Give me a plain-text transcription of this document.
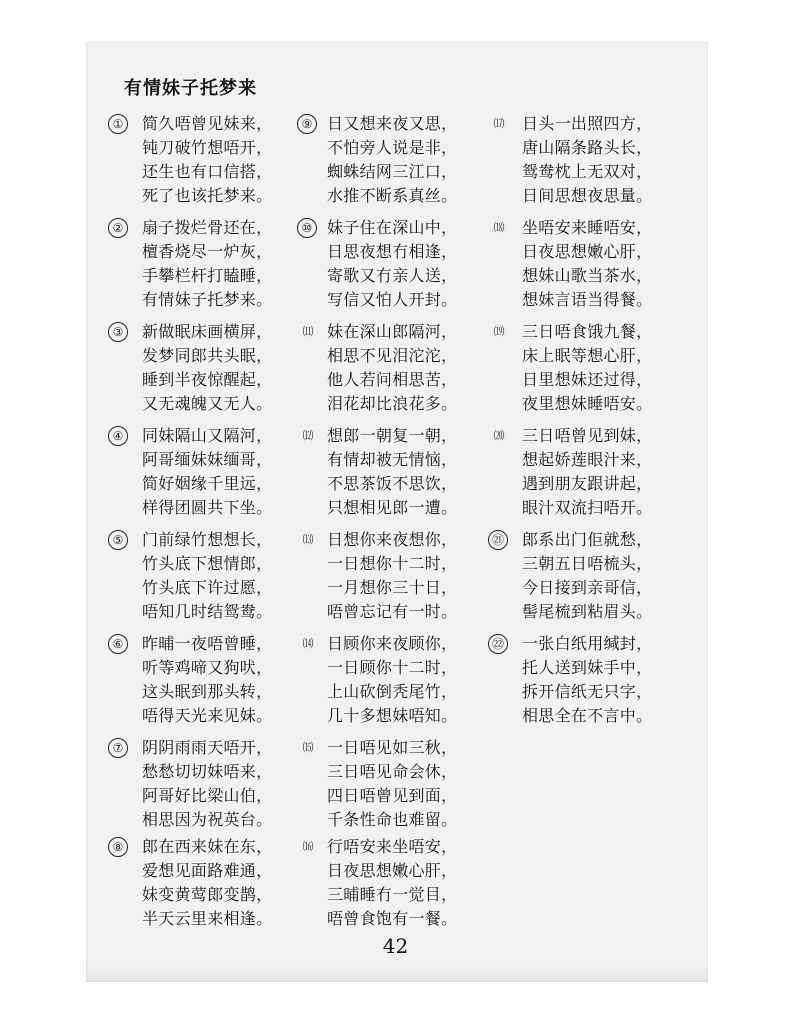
有情妹子托梦来
① 简久唔曾见妹来，
钝刀破竹想唔开，
还生也有口信搭，
死了也该托梦来。
② 扇子拨烂骨还在，
檀香烧尽一炉灰，
手攀栏杆打瞌睡，
有情妹子托梦来。
③ 新做眠床画横屏，
发梦同郎共头眠，
睡到半夜惊醒起，
又无魂魄又无人。
④ 同妹隔山又隔河，
阿哥缅妹妹缅哥，
简好姻缘千里远，
样得团圆共下坐。
⑤ 门前绿竹想想长，
竹头底下想情郎，
竹头底下许过愿，
唔知几时结鸳鸯。
⑥ 昨晡一夜唔曾睡，
听等鸡啼又狗吠，
这头眠到那头转，
唔得天光来见妹。
⑦ 阴阴雨雨天唔开，
愁愁切切妹唔来，
阿哥好比梁山伯，
相思因为祝英台。
⑧ 郎在西来妹在东，
爱想见面路难通，
妹变黄莺郎变鹊，
半天云里来相逢。
⑨ 日又想来夜又思，
不怕旁人说是非，
蜘蛛结网三江口，
水推不断系真丝。
⑩ 妹子住在深山中，
日思夜想冇相逢，
寄歌又冇亲人送，
写信又怕人开封。
⑾ 妹在深山郎隔河，
相思不见泪沱沱，
他人若问相思苦，
泪花却比浪花多。
⑿ 想郎一朝复一朝，
有情却被无情恼，
不思茶饭不思饮，
只想相见郎一遭。
⒀ 日想你来夜想你，
一日想你十二时，
一月想你三十日，
唔曾忘记有一时。
⒁ 日顾你来夜顾你，
一日顾你十二时，
上山砍倒秃尾竹，
几十多想妹唔知。
⒂ 一日唔见如三秋，
三日唔见命会休，
四日唔曾见到面，
千条性命也难留。
⒃ 行唔安来坐唔安，
日夜思想嫩心肝，
三晡睡冇一觉目，
唔曾食饱有一餐。
⒄	日头一出照四方，
唐山隔条路头长，
鸳鸯枕上无双对，
日间思想夜思量。
⒅	坐唔安来睡唔安，
日夜思想嫩心肝，
想妹山歌当茶水，
想妹言语当得餐。
⒆	三日唔食饿九餐，
床上眠等想心肝，
日里想妹还过得，
夜里想妹睡唔安。
⒇	三日唔曾见到妹，
想起娇莲眼汁来，
遇到朋友跟讲起，
眼汁双流扫唔开。
㉑ 郎系出门佢就愁，
三朝五日唔梳头，
今日接到亲哥信，
髻尾梳到粘眉头。
㉒ 一张白纸用缄封，
托人送到妹手中，
拆开信纸无只字，
相思全在不言中。
42
